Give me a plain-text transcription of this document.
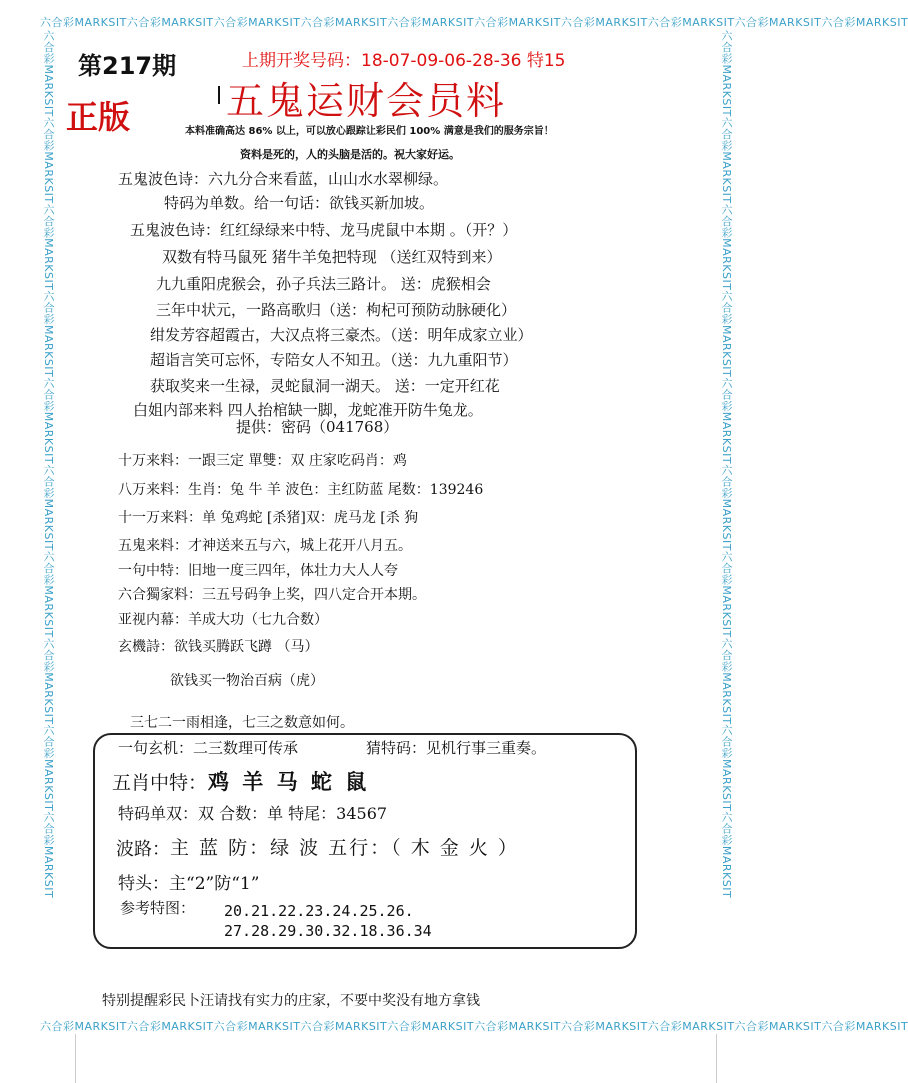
六合彩MARKSIT六合彩MARKSIT六合彩MARKSIT六合彩MARKSIT六合彩MARKSIT六合彩MARKSIT六合彩MARKSIT六合彩MARKSIT六合彩MARKSIT六合彩MARKSIT
六合彩MARKSIT六合彩MARKSIT六合彩MARKSIT六合彩MARKSIT六合彩MARKSIT六合彩MARKSIT六合彩MARKSIT六合彩MARKSIT六合彩MARKSIT六合彩MARKSIT
六合彩MARKSIT六合彩MARKSIT六合彩MARKSIT六合彩MARKSIT六合彩MARKSIT六合彩MARKSIT六合彩MARKSIT六合彩MARKSIT六合彩MARKSIT六合彩MARKSIT	六合彩MARKSIT六合彩MARKSIT六合彩MARKSIT六合彩MARKSIT六合彩MARKSIT六合彩MARKSIT六合彩MARKSIT六合彩MARKSIT六合彩MARKSIT六合彩MARKSIT
第217期	上期开奖号码：18-07-09-06-28-36 特15
正版	五鬼运财会员料
本料准确高达 86% 以上，可以放心跟踪让彩民们 100% 满意是我们的服务宗旨！
资料是死的，人的头脑是活的。祝大家好运。
五鬼波色诗：六九分合来看蓝，山山水水翠柳绿。
特码为单数。给一句话：欲钱买新加坡。
五鬼波色诗：红红绿绿来中特、龙马虎鼠中本期 。（开？）
双数有特马鼠死 猪牛羊兔把特现 （送红双特到来）
九九重阳虎猴会，孙子兵法三路计。 送：虎猴相会
三年中状元，一路高歌归（送：枸杞可预防动脉硬化）
绀发芳容超霞古，大汉点将三豪杰。（送：明年成家立业）
超诣言笑可忘怀，专陪女人不知丑。（送：九九重阳节）
获取奖来一生禄，灵蛇鼠洞一湖天。 送：一定开红花
白姐内部来料 四人抬棺缺一脚，龙蛇准开防牛兔龙。
提供：密码（041768）
十万来料：一跟三定 單雙：双 庄家吃码肖：鸡
八万来料：生肖：兔 牛 羊 波色：主红防蓝 尾数：139246
十一万来料：单 兔鸡蛇 [杀猪]双：虎马龙 [杀 狗
五鬼来料：才神送来五与六，城上花开八月五。
一句中特：旧地一度三四年，体壮力大人人夸
六合獨家料：三五号码争上奖，四八定合开本期。
亚视内幕：羊成大功（七九合数）
玄機詩：欲钱买腾跃飞蹲 （马）
欲钱买一物治百病（虎）
三七二一雨相逢，七三之数意如何。
一句玄机：二三数理可传承	猜特码：见机行事三重奏。
五肖中特： 鸡 羊 马 蛇 鼠
特码单双：双 合数：单 特尾：34567
波路： 主 蓝 防：绿 波 五行：（ 木 金 火 ）
特头：主“2”防“1”
参考特图： 20.21.22.23.24.25.26.
27.28.29.30.32.18.36.34
特别提醒彩民卜汪请找有实力的庄家，不要中奖没有地方拿钱
